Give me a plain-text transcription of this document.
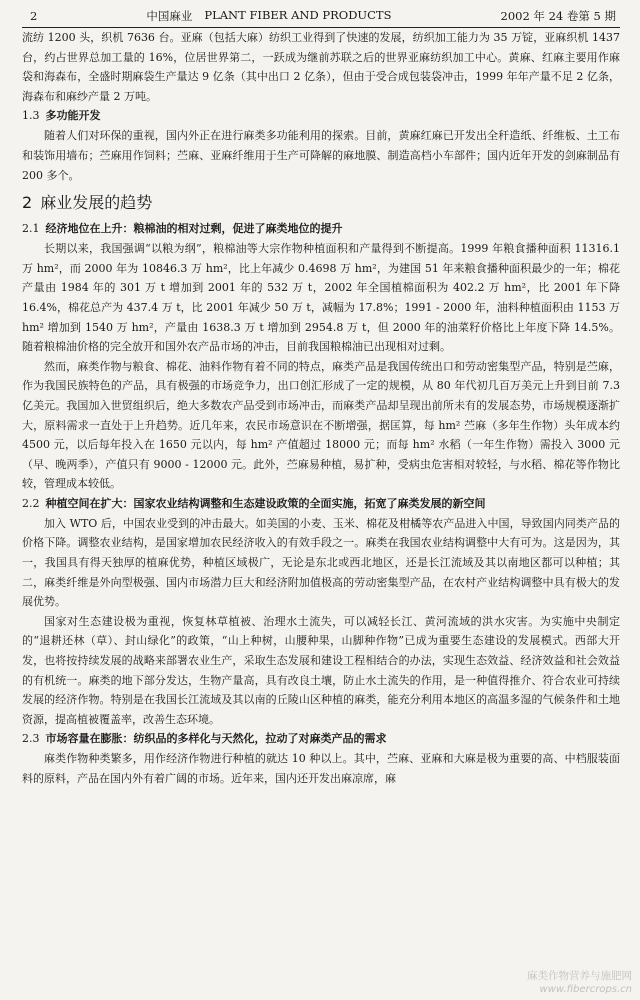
2	中国麻业 PLANT FIBER AND PRODUCTS	2002 年 24 卷第 5 期

流纺 1200 头，织机 7636 台。亚麻（包括大麻）纺织工业得到了快速的发展，纺织加工能力为 35 万锭，亚麻织机 1437 台，约占世界总加工量的 16%，位居世界第二，一跃成为继前苏联之后的世界亚麻纺织加工中心。黄麻、红麻主要用作麻袋和海森布，全盛时期麻袋生产量达 9 亿条（其中出口 2 亿条），但由于受合成包装袋冲击，1999 年年产量不足 2 亿条，海森布和麻纱产量 2 万吨。

1.3 多功能开发

随着人们对环保的重视，国内外正在进行麻类多功能利用的探索。目前，黄麻红麻已开发出全秆造纸、纤维板、土工布和装饰用墙布；苎麻用作饲料；苎麻、亚麻纤维用于生产可降解的麻地膜、制造高档小车部件；国内近年开发的剑麻制品有 200 多个。

2 麻业发展的趋势
2.1 经济地位在上升：粮棉油的相对过剩，促进了麻类地位的提升

长期以来，我国强调“以粮为纲”，粮棉油等大宗作物种植面积和产量得到不断提高。1999 年粮食播种面积 11316.1 万 hm²，而 2000 年为 10846.3 万 hm²，比上年减少 0.4698 万 hm²，为建国 51 年来粮食播种面积最少的一年；棉花产量由 1984 年的 301 万 t 增加到 2001 年的 532 万 t，2002 年全国植棉面积为 402.2 万 hm²，比 2001 年下降 16.4%，棉花总产为 437.4 万 t，比 2001 年减少 50 万 t，减幅为 17.8%；1991 - 2000 年，油料种植面积由 1153 万 hm² 增加到 1540 万 hm²，产量由 1638.3 万 t 增加到 2954.8 万 t，但 2000 年的油菜籽价格比上年度下降 14.5%。随着粮棉油价格的完全放开和国外农产品市场的冲击，目前我国粮棉油已出现相对过剩。

然而，麻类作物与粮食、棉花、油料作物有着不同的特点，麻类产品是我国传统出口和劳动密集型产品，特别是苎麻，作为我国民族特色的产品，具有极强的市场竞争力，出口创汇形成了一定的规模，从 80 年代初几百万美元上升到目前 7.3 亿美元。我国加入世贸组织后，绝大多数农产品受到市场冲击，而麻类产品却呈现出前所未有的发展态势，市场规模逐渐扩大，原料需求一直处于上升趋势。近几年来，农民市场意识在不断增强，据匡算，每 hm² 苎麻（多年生作物）头年成本约 4500 元，以后每年投入在 1650 元以内，每 hm² 产值超过 18000 元；而每 hm² 水稻（一年生作物）需投入 3000 元（早、晚两季），产值只有 9000 - 12000 元。此外，苎麻易种植，易扩种，受病虫危害相对较轻，与水稻、棉花等作物比较，管理成本较低。

2.2 种植空间在扩大：国家农业结构调整和生态建设政策的全面实施，拓宽了麻类发展的新空间

加入 WTO 后，中国农业受到的冲击最大。如美国的小麦、玉米、棉花及柑橘等农产品进入中国，导致国内同类产品的价格下降。调整农业结构，是国家增加农民经济收入的有效手段之一。麻类在我国农业结构调整中大有可为。这是因为，其一，我国具有得天独厚的植麻优势，种植区域极广，无论是东北或西北地区，还是长江流域及其以南地区都可以种植；其二，麻类纤维是外向型极强、国内市场潜力巨大和经济附加值极高的劳动密集型产品，在农村产业结构调整中具有极大的发展优势。

国家对生态建设极为重视，恢复林草植被、治理水土流失，可以减轻长江、黄河流域的洪水灾害。为实施中央制定的“退耕还林（草）、封山绿化”的政策，“山上种树，山腰种果，山脚种作物”已成为重要生态建设的发展模式。西部大开发，也将按持续发展的战略来部署农业生产，采取生态发展和建设工程相结合的办法，实现生态效益、经济效益和社会效益的有机统一。麻类的地下部分发达，生物产量高，具有改良土壤，防止水土流失的作用，是一种值得推介、符合农业可持续发展的经济作物。特别是在我国长江流域及其以南的丘陵山区种植的麻类，能充分利用本地区的高温多湿的气候条件和土地资源，提高植被覆盖率，改善生态环境。

2.3 市场容量在膨胀：纺织品的多样化与天然化，拉动了对麻类产品的需求

麻类作物种类繁多，用作经济作物进行种植的就达 10 种以上。其中，苎麻、亚麻和大麻是极为重要的高、中档服装面料的原料，产品在国内外有着广阔的市场。近年来，国内还开发出麻凉席，麻

麻类作物营养与施肥网
www.fibercrops.cn
